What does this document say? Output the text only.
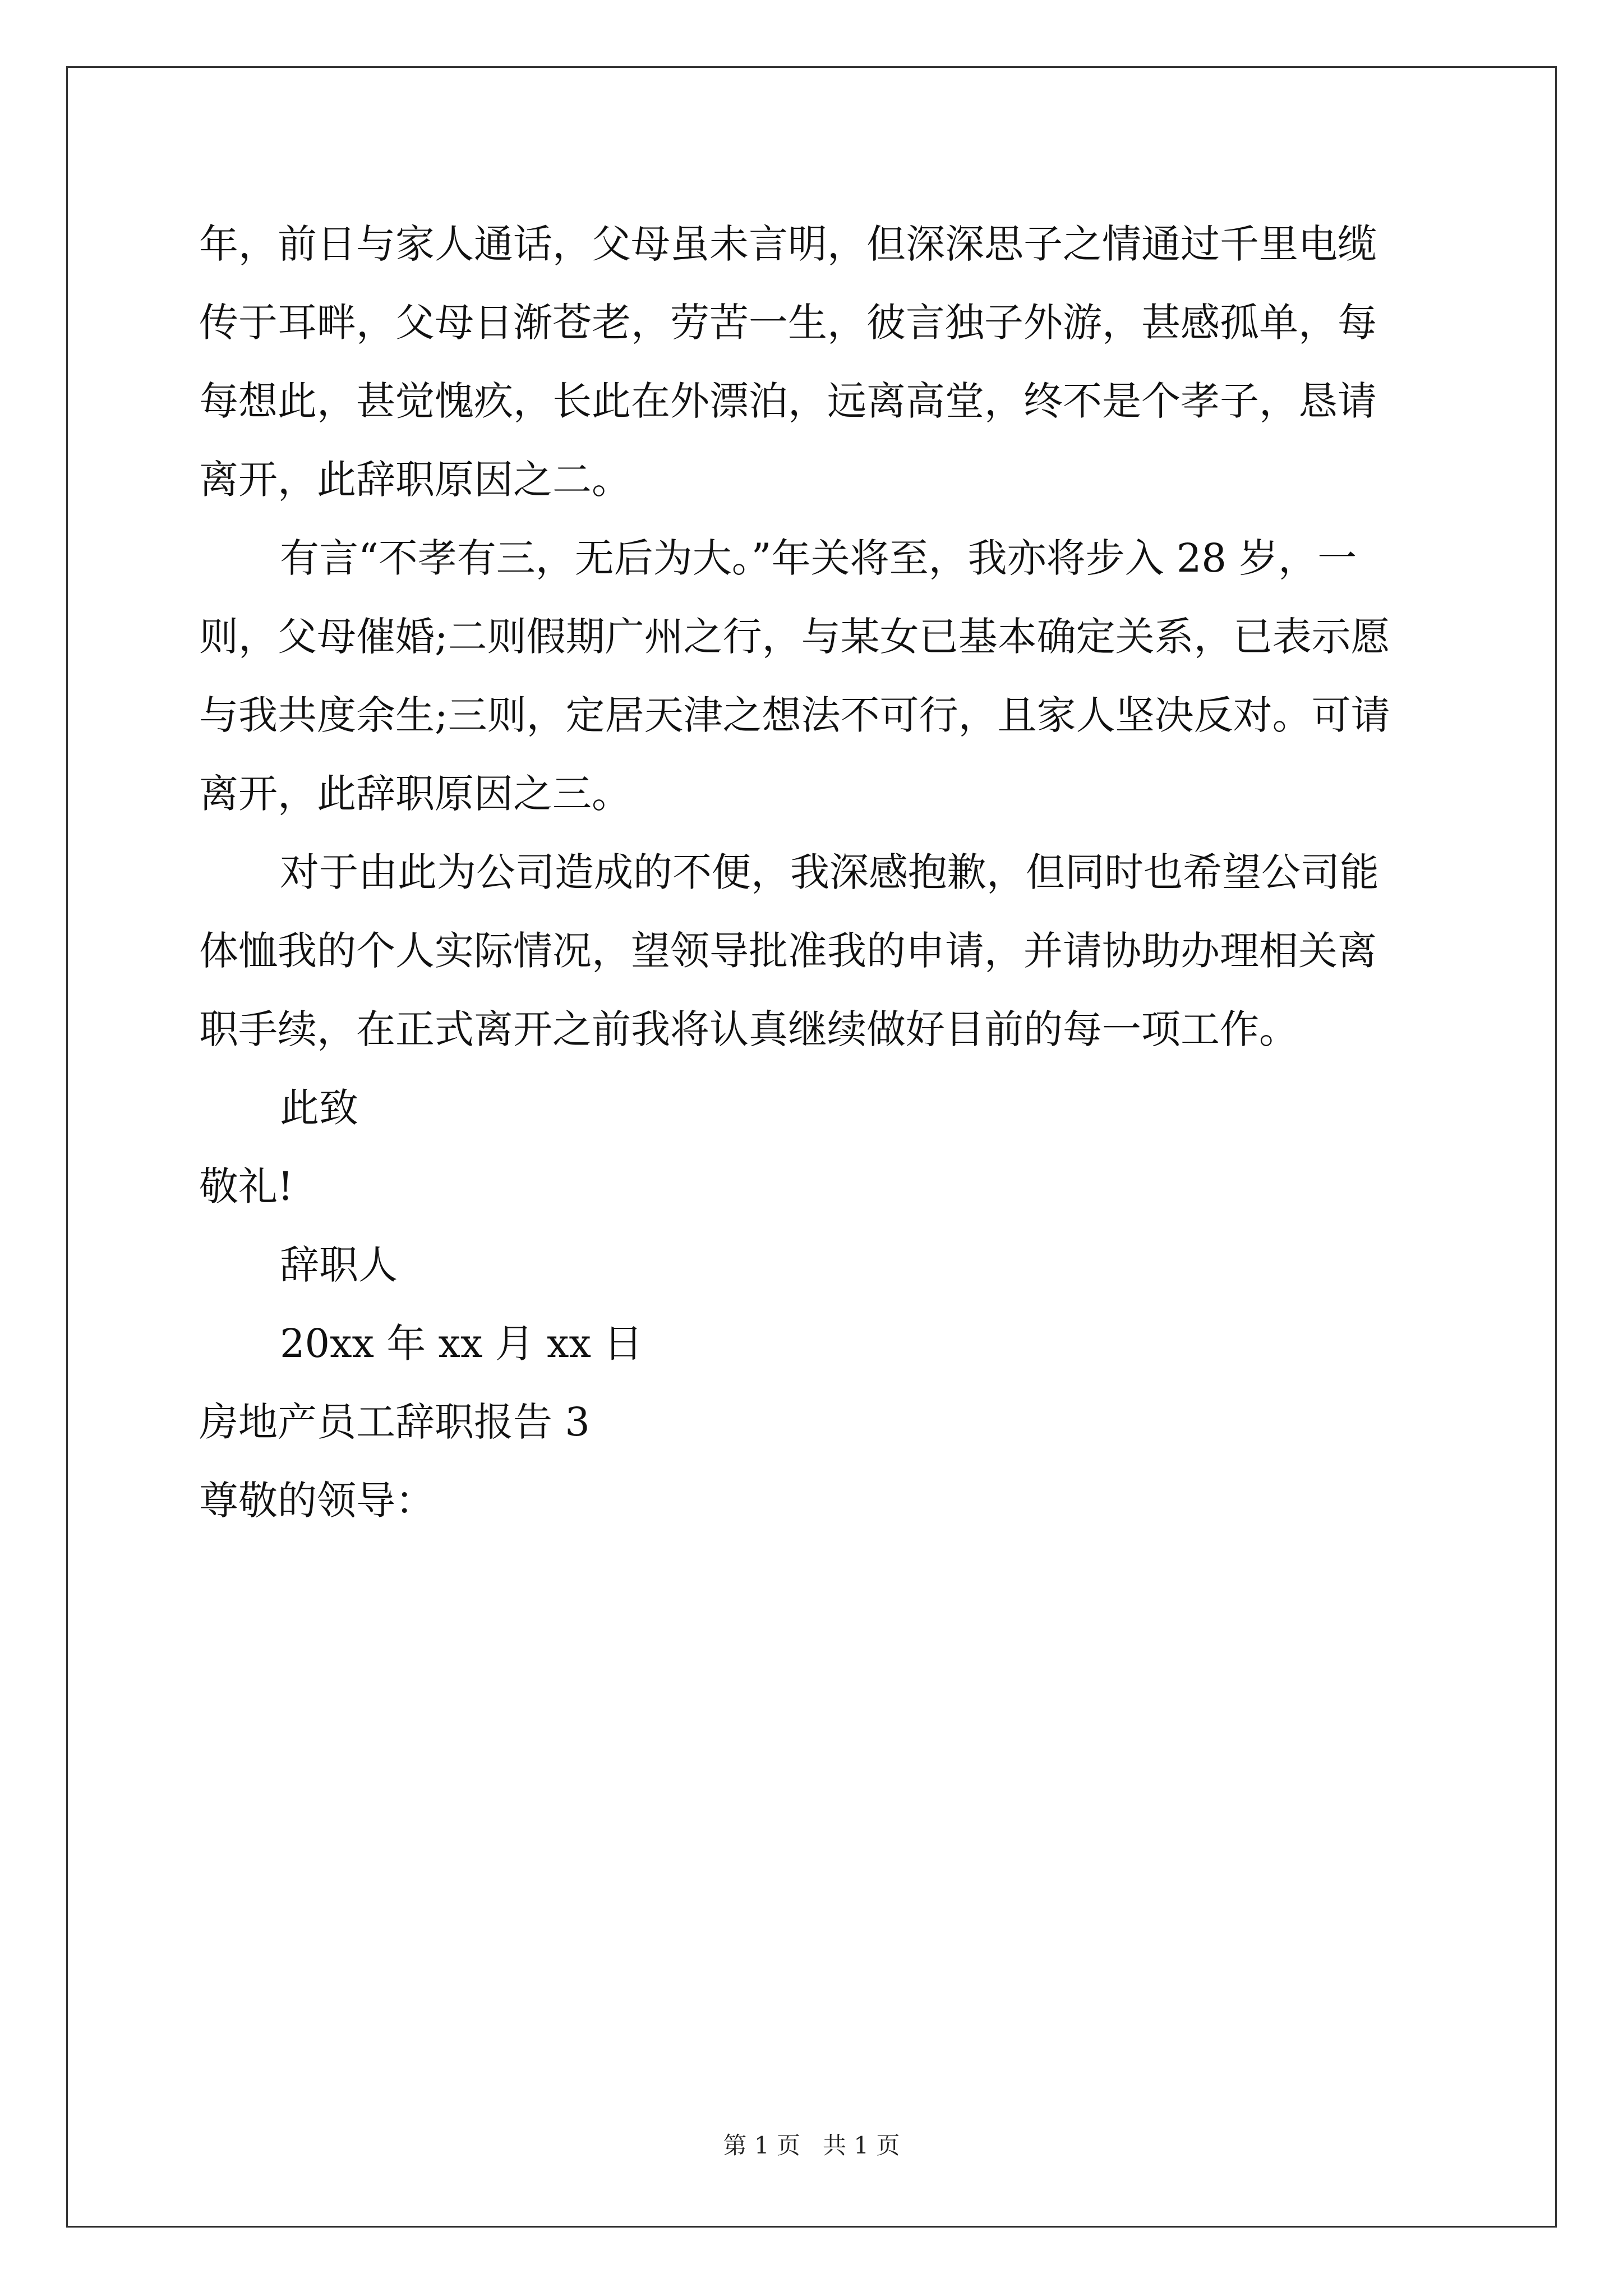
年，前日与家人通话，父母虽未言明，但深深思子之情通过千里电缆
传于耳畔，父母日渐苍老，劳苦一生，彼言独子外游，甚感孤单，每
每想此，甚觉愧疚，长此在外漂泊，远离高堂，终不是个孝子，恳请
离开，此辞职原因之二。
有言“不孝有三，无后为大。”年关将至，我亦将步入 28 岁，一
则，父母催婚;二则假期广州之行，与某女已基本确定关系，已表示愿
与我共度余生;三则，定居天津之想法不可行，且家人坚决反对。可请
离开，此辞职原因之三。
对于由此为公司造成的不便，我深感抱歉，但同时也希望公司能
体恤我的个人实际情况，望领导批准我的申请，并请协助办理相关离
职手续，在正式离开之前我将认真继续做好目前的每一项工作。
此致
敬礼!
辞职人
20xx 年 xx 月 xx 日
房地产员工辞职报告 3
尊敬的领导：
第 1 页   共 1 页
